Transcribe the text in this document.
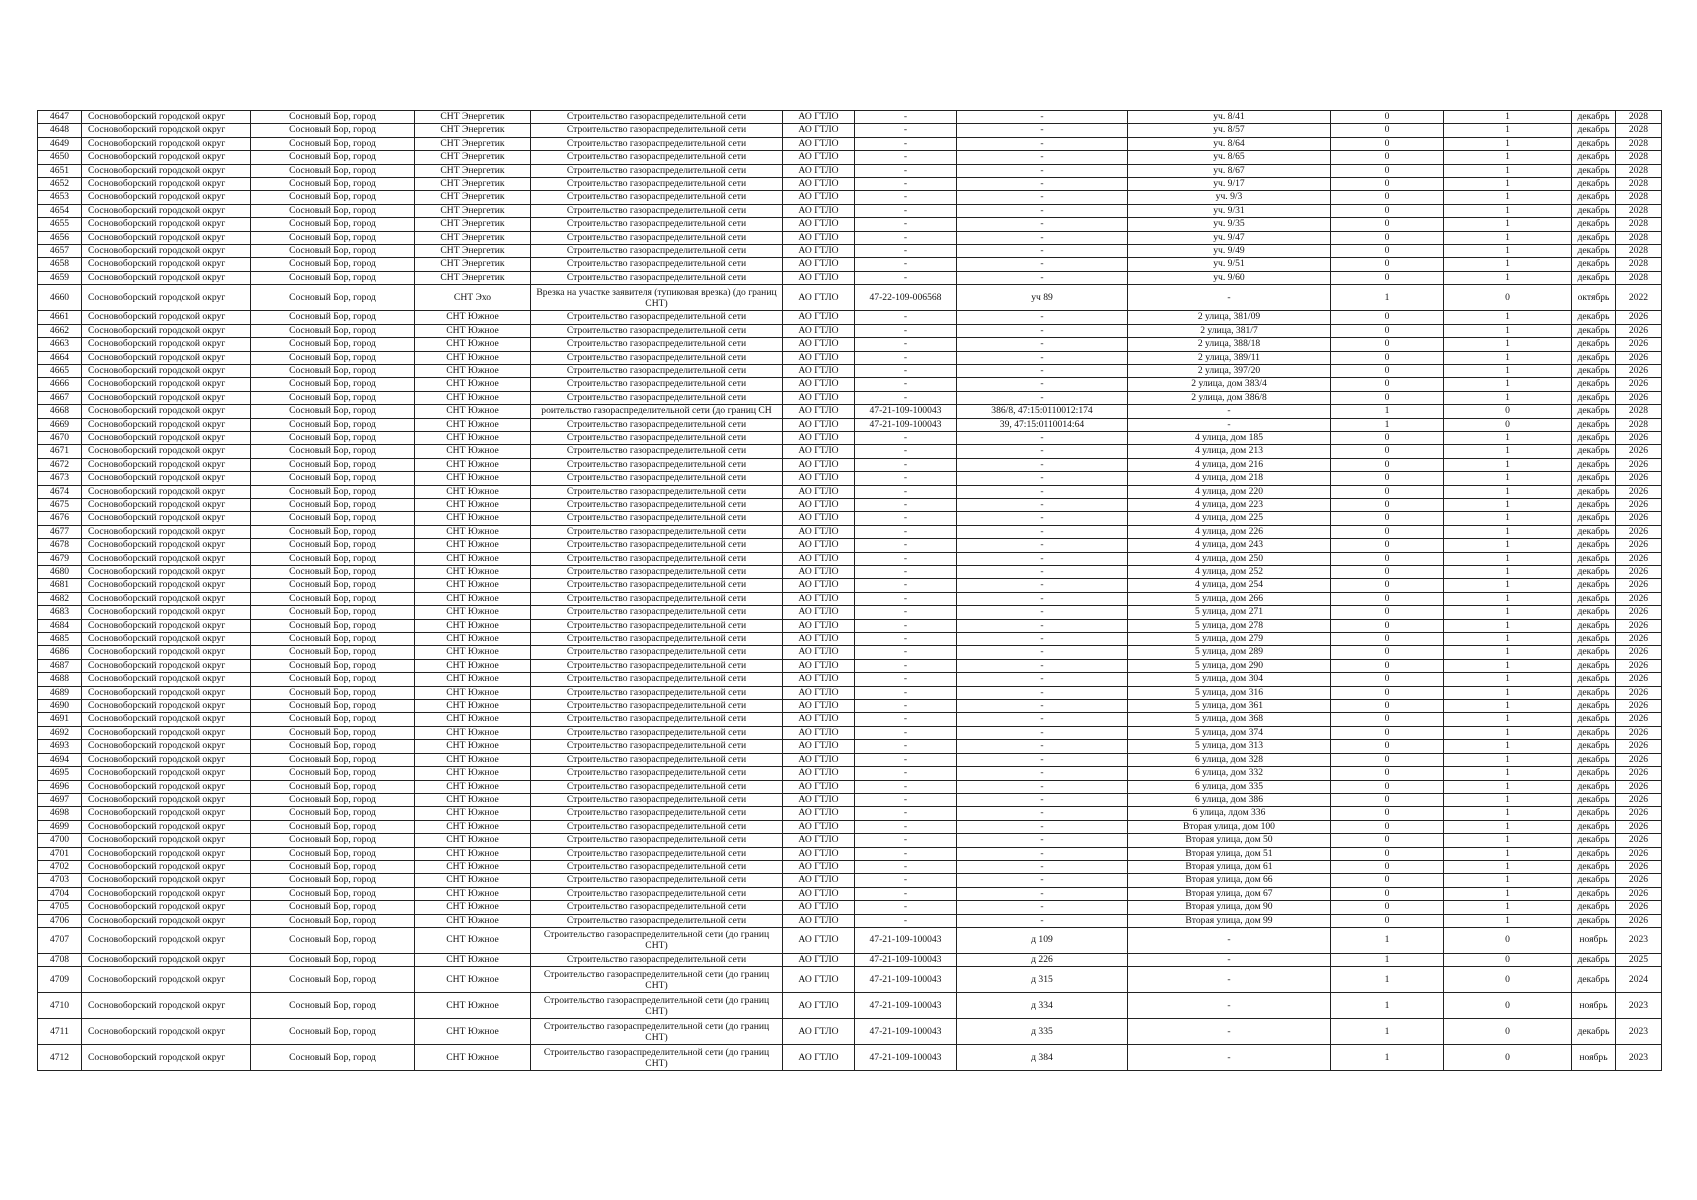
4647	Сосновоборский городской округ	Сосновый Бор, город	СНТ Энергетик	Строительство газораспределительной сети	АО ГТЛО	-	-	уч. 8/41	0	1	декабрь	2028
4648	Сосновоборский городской округ	Сосновый Бор, город	СНТ Энергетик	Строительство газораспределительной сети	АО ГТЛО	-	-	уч. 8/57	0	1	декабрь	2028
4649	Сосновоборский городской округ	Сосновый Бор, город	СНТ Энергетик	Строительство газораспределительной сети	АО ГТЛО	-	-	уч. 8/64	0	1	декабрь	2028
4650	Сосновоборский городской округ	Сосновый Бор, город	СНТ Энергетик	Строительство газораспределительной сети	АО ГТЛО	-	-	уч. 8/65	0	1	декабрь	2028
4651	Сосновоборский городской округ	Сосновый Бор, город	СНТ Энергетик	Строительство газораспределительной сети	АО ГТЛО	-	-	уч. 8/67	0	1	декабрь	2028
4652	Сосновоборский городской округ	Сосновый Бор, город	СНТ Энергетик	Строительство газораспределительной сети	АО ГТЛО	-	-	уч. 9/17	0	1	декабрь	2028
4653	Сосновоборский городской округ	Сосновый Бор, город	СНТ Энергетик	Строительство газораспределительной сети	АО ГТЛО	-	-	уч. 9/3	0	1	декабрь	2028
4654	Сосновоборский городской округ	Сосновый Бор, город	СНТ Энергетик	Строительство газораспределительной сети	АО ГТЛО	-	-	уч. 9/31	0	1	декабрь	2028
4655	Сосновоборский городской округ	Сосновый Бор, город	СНТ Энергетик	Строительство газораспределительной сети	АО ГТЛО	-	-	уч. 9/35	0	1	декабрь	2028
4656	Сосновоборский городской округ	Сосновый Бор, город	СНТ Энергетик	Строительство газораспределительной сети	АО ГТЛО	-	-	уч. 9/47	0	1	декабрь	2028
4657	Сосновоборский городской округ	Сосновый Бор, город	СНТ Энергетик	Строительство газораспределительной сети	АО ГТЛО	-	-	уч. 9/49	0	1	декабрь	2028
4658	Сосновоборский городской округ	Сосновый Бор, город	СНТ Энергетик	Строительство газораспределительной сети	АО ГТЛО	-	-	уч. 9/51	0	1	декабрь	2028
4659	Сосновоборский городской округ	Сосновый Бор, город	СНТ Энергетик	Строительство газораспределительной сети	АО ГТЛО	-	-	уч. 9/60	0	1	декабрь	2028
4660	Сосновоборский городской округ	Сосновый Бор, город	СНТ Эхо	Врезка на участке заявителя (тупиковая врезка) (до границ СНТ)	АО ГТЛО	47-22-109-006568	уч 89	-	1	0	октябрь	2022
4661	Сосновоборский городской округ	Сосновый Бор, город	СНТ Южное	Строительство газораспределительной сети	АО ГТЛО	-	-	2 улица, 381/09	0	1	декабрь	2026
4662	Сосновоборский городской округ	Сосновый Бор, город	СНТ Южное	Строительство газораспределительной сети	АО ГТЛО	-	-	2 улица, 381/7	0	1	декабрь	2026
4663	Сосновоборский городской округ	Сосновый Бор, город	СНТ Южное	Строительство газораспределительной сети	АО ГТЛО	-	-	2 улица, 388/18	0	1	декабрь	2026
4664	Сосновоборский городской округ	Сосновый Бор, город	СНТ Южное	Строительство газораспределительной сети	АО ГТЛО	-	-	2 улица, 389/11	0	1	декабрь	2026
4665	Сосновоборский городской округ	Сосновый Бор, город	СНТ Южное	Строительство газораспределительной сети	АО ГТЛО	-	-	2 улица, 397/20	0	1	декабрь	2026
4666	Сосновоборский городской округ	Сосновый Бор, город	СНТ Южное	Строительство газораспределительной сети	АО ГТЛО	-	-	2 улица, дом 383/4	0	1	декабрь	2026
4667	Сосновоборский городской округ	Сосновый Бор, город	СНТ Южное	Строительство газораспределительной сети	АО ГТЛО	-	-	2 улица, дом 386/8	0	1	декабрь	2026
4668	Сосновоборский городской округ	Сосновый Бор, город	СНТ Южное	роительство газораспределительной сети (до границ СН	АО ГТЛО	47-21-109-100043	386/8, 47:15:0110012:174	-	1	0	декабрь	2028
4669	Сосновоборский городской округ	Сосновый Бор, город	СНТ Южное	Строительство газораспределительной сети	АО ГТЛО	47-21-109-100043	39, 47:15:0110014:64	-	1	0	декабрь	2028
4670	Сосновоборский городской округ	Сосновый Бор, город	СНТ Южное	Строительство газораспределительной сети	АО ГТЛО	-	-	4 улица, дом 185	0	1	декабрь	2026
4671	Сосновоборский городской округ	Сосновый Бор, город	СНТ Южное	Строительство газораспределительной сети	АО ГТЛО	-	-	4 улица, дом 213	0	1	декабрь	2026
4672	Сосновоборский городской округ	Сосновый Бор, город	СНТ Южное	Строительство газораспределительной сети	АО ГТЛО	-	-	4 улица, дом 216	0	1	декабрь	2026
4673	Сосновоборский городской округ	Сосновый Бор, город	СНТ Южное	Строительство газораспределительной сети	АО ГТЛО	-	-	4 улица, дом 218	0	1	декабрь	2026
4674	Сосновоборский городской округ	Сосновый Бор, город	СНТ Южное	Строительство газораспределительной сети	АО ГТЛО	-	-	4 улица, дом 220	0	1	декабрь	2026
4675	Сосновоборский городской округ	Сосновый Бор, город	СНТ Южное	Строительство газораспределительной сети	АО ГТЛО	-	-	4 улица, дом 223	0	1	декабрь	2026
4676	Сосновоборский городской округ	Сосновый Бор, город	СНТ Южное	Строительство газораспределительной сети	АО ГТЛО	-	-	4 улица, дом 225	0	1	декабрь	2026
4677	Сосновоборский городской округ	Сосновый Бор, город	СНТ Южное	Строительство газораспределительной сети	АО ГТЛО	-	-	4 улица, дом 226	0	1	декабрь	2026
4678	Сосновоборский городской округ	Сосновый Бор, город	СНТ Южное	Строительство газораспределительной сети	АО ГТЛО	-	-	4 улица, дом 243	0	1	декабрь	2026
4679	Сосновоборский городской округ	Сосновый Бор, город	СНТ Южное	Строительство газораспределительной сети	АО ГТЛО	-	-	4 улица, дом 250	0	1	декабрь	2026
4680	Сосновоборский городской округ	Сосновый Бор, город	СНТ Южное	Строительство газораспределительной сети	АО ГТЛО	-	-	4 улица, дом 252	0	1	декабрь	2026
4681	Сосновоборский городской округ	Сосновый Бор, город	СНТ Южное	Строительство газораспределительной сети	АО ГТЛО	-	-	4 улица, дом 254	0	1	декабрь	2026
4682	Сосновоборский городской округ	Сосновый Бор, город	СНТ Южное	Строительство газораспределительной сети	АО ГТЛО	-	-	5 улица, дом 266	0	1	декабрь	2026
4683	Сосновоборский городской округ	Сосновый Бор, город	СНТ Южное	Строительство газораспределительной сети	АО ГТЛО	-	-	5 улица, дом 271	0	1	декабрь	2026
4684	Сосновоборский городской округ	Сосновый Бор, город	СНТ Южное	Строительство газораспределительной сети	АО ГТЛО	-	-	5 улица, дом 278	0	1	декабрь	2026
4685	Сосновоборский городской округ	Сосновый Бор, город	СНТ Южное	Строительство газораспределительной сети	АО ГТЛО	-	-	5 улица, дом 279	0	1	декабрь	2026
4686	Сосновоборский городской округ	Сосновый Бор, город	СНТ Южное	Строительство газораспределительной сети	АО ГТЛО	-	-	5 улица, дом 289	0	1	декабрь	2026
4687	Сосновоборский городской округ	Сосновый Бор, город	СНТ Южное	Строительство газораспределительной сети	АО ГТЛО	-	-	5 улица, дом 290	0	1	декабрь	2026
4688	Сосновоборский городской округ	Сосновый Бор, город	СНТ Южное	Строительство газораспределительной сети	АО ГТЛО	-	-	5 улица, дом 304	0	1	декабрь	2026
4689	Сосновоборский городской округ	Сосновый Бор, город	СНТ Южное	Строительство газораспределительной сети	АО ГТЛО	-	-	5 улица, дом 316	0	1	декабрь	2026
4690	Сосновоборский городской округ	Сосновый Бор, город	СНТ Южное	Строительство газораспределительной сети	АО ГТЛО	-	-	5 улица, дом 361	0	1	декабрь	2026
4691	Сосновоборский городской округ	Сосновый Бор, город	СНТ Южное	Строительство газораспределительной сети	АО ГТЛО	-	-	5 улица, дом 368	0	1	декабрь	2026
4692	Сосновоборский городской округ	Сосновый Бор, город	СНТ Южное	Строительство газораспределительной сети	АО ГТЛО	-	-	5 улица, дом 374	0	1	декабрь	2026
4693	Сосновоборский городской округ	Сосновый Бор, город	СНТ Южное	Строительство газораспределительной сети	АО ГТЛО	-	-	5 улица, дом 313	0	1	декабрь	2026
4694	Сосновоборский городской округ	Сосновый Бор, город	СНТ Южное	Строительство газораспределительной сети	АО ГТЛО	-	-	6 улица, дом 328	0	1	декабрь	2026
4695	Сосновоборский городской округ	Сосновый Бор, город	СНТ Южное	Строительство газораспределительной сети	АО ГТЛО	-	-	6 улица, дом 332	0	1	декабрь	2026
4696	Сосновоборский городской округ	Сосновый Бор, город	СНТ Южное	Строительство газораспределительной сети	АО ГТЛО	-	-	6 улица, дом 335	0	1	декабрь	2026
4697	Сосновоборский городской округ	Сосновый Бор, город	СНТ Южное	Строительство газораспределительной сети	АО ГТЛО	-	-	6 улица, дом 386	0	1	декабрь	2026
4698	Сосновоборский городской округ	Сосновый Бор, город	СНТ Южное	Строительство газораспределительной сети	АО ГТЛО	-	-	6 улица, лдом 336	0	1	декабрь	2026
4699	Сосновоборский городской округ	Сосновый Бор, город	СНТ Южное	Строительство газораспределительной сети	АО ГТЛО	-	-	Вторая улица, дом 100	0	1	декабрь	2026
4700	Сосновоборский городской округ	Сосновый Бор, город	СНТ Южное	Строительство газораспределительной сети	АО ГТЛО	-	-	Вторая улица, дом 50	0	1	декабрь	2026
4701	Сосновоборский городской округ	Сосновый Бор, город	СНТ Южное	Строительство газораспределительной сети	АО ГТЛО	-	-	Вторая улица, дом 51	0	1	декабрь	2026
4702	Сосновоборский городской округ	Сосновый Бор, город	СНТ Южное	Строительство газораспределительной сети	АО ГТЛО	-	-	Вторая улица, дом 61	0	1	декабрь	2026
4703	Сосновоборский городской округ	Сосновый Бор, город	СНТ Южное	Строительство газораспределительной сети	АО ГТЛО	-	-	Вторая улица, дом 66	0	1	декабрь	2026
4704	Сосновоборский городской округ	Сосновый Бор, город	СНТ Южное	Строительство газораспределительной сети	АО ГТЛО	-	-	Вторая улица, дом 67	0	1	декабрь	2026
4705	Сосновоборский городской округ	Сосновый Бор, город	СНТ Южное	Строительство газораспределительной сети	АО ГТЛО	-	-	Вторая улица, дом 90	0	1	декабрь	2026
4706	Сосновоборский городской округ	Сосновый Бор, город	СНТ Южное	Строительство газораспределительной сети	АО ГТЛО	-	-	Вторая улица, дом 99	0	1	декабрь	2026
4707	Сосновоборский городской округ	Сосновый Бор, город	СНТ Южное	Строительство газораспределительной сети (до границ СНТ)	АО ГТЛО	47-21-109-100043	д 109	-	1	0	ноябрь	2023
4708	Сосновоборский городской округ	Сосновый Бор, город	СНТ Южное	Строительство газораспределительной сети	АО ГТЛО	47-21-109-100043	д 226	-	1	0	декабрь	2025
4709	Сосновоборский городской округ	Сосновый Бор, город	СНТ Южное	Строительство газораспределительной сети (до границ СНТ)	АО ГТЛО	47-21-109-100043	д 315	-	1	0	декабрь	2024
4710	Сосновоборский городской округ	Сосновый Бор, город	СНТ Южное	Строительство газораспределительной сети (до границ СНТ)	АО ГТЛО	47-21-109-100043	д 334	-	1	0	ноябрь	2023
4711	Сосновоборский городской округ	Сосновый Бор, город	СНТ Южное	Строительство газораспределительной сети (до границ СНТ)	АО ГТЛО	47-21-109-100043	д 335	-	1	0	декабрь	2023
4712	Сосновоборский городской округ	Сосновый Бор, город	СНТ Южное	Строительство газораспределительной сети (до границ СНТ)	АО ГТЛО	47-21-109-100043	д 384	-	1	0	ноябрь	2023
